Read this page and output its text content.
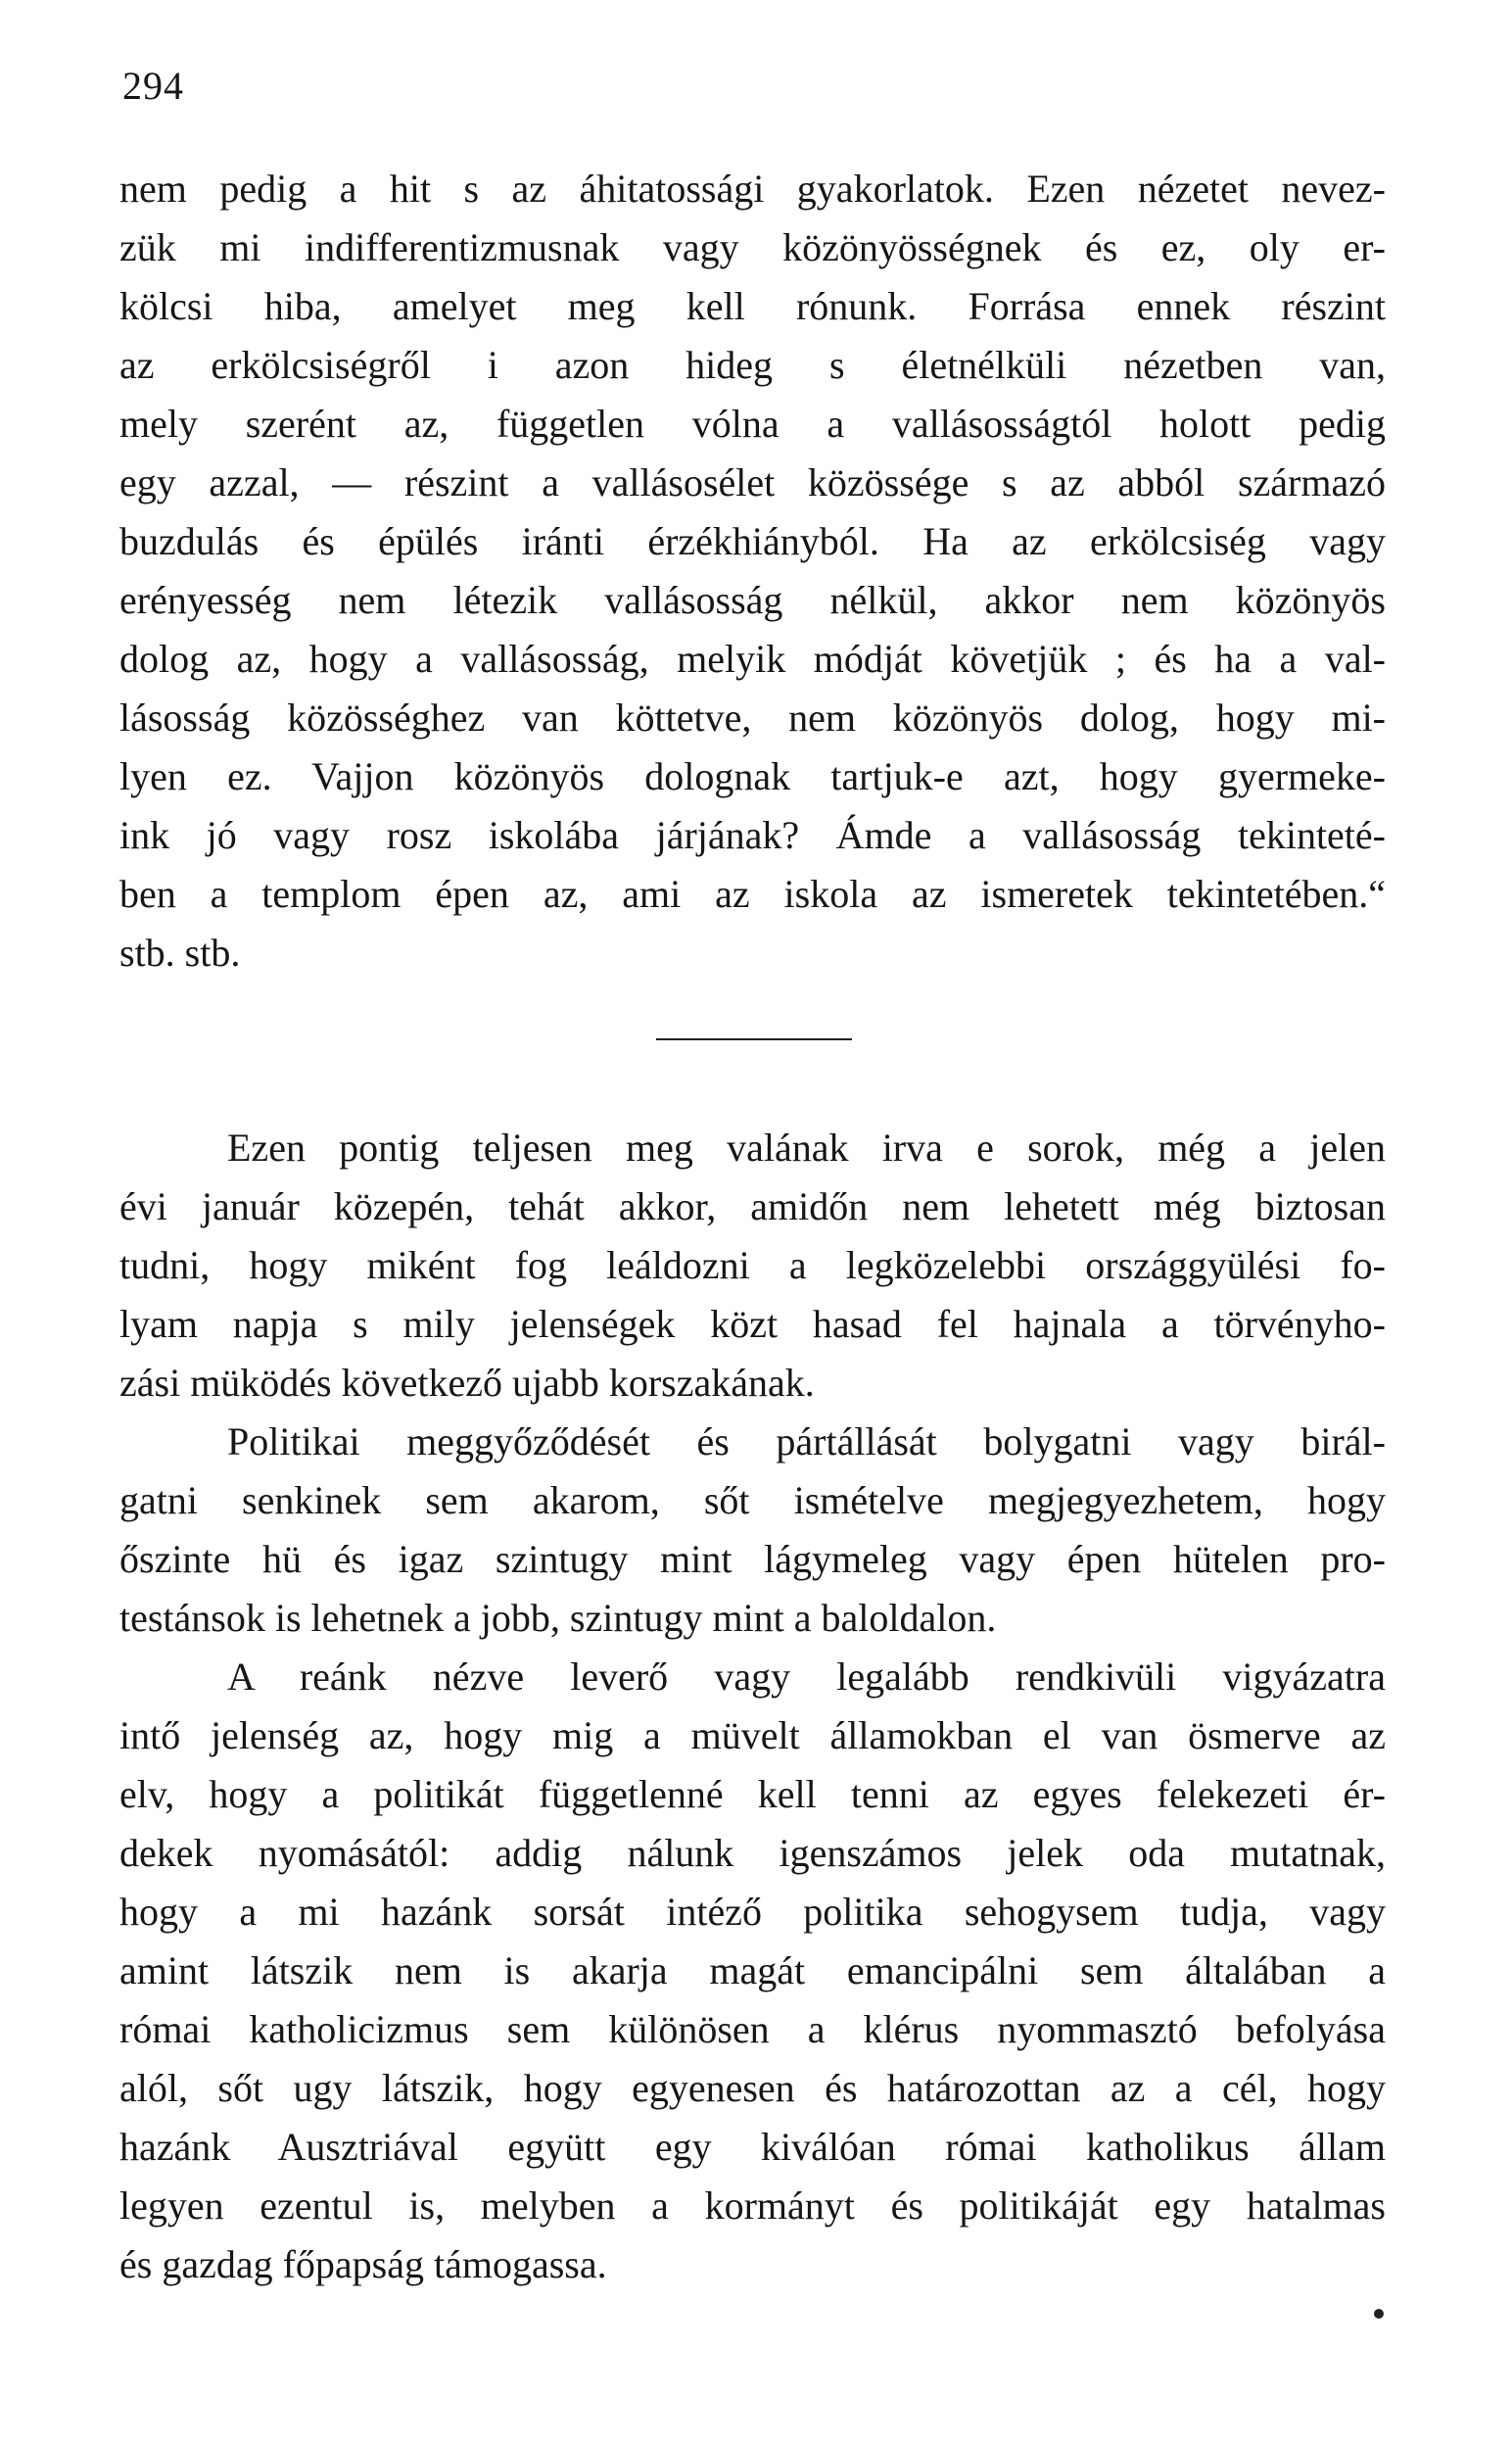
294
nem pedig a hit s az áhitatossági gyakorlatok. Ezen nézetet nevez-
zük mi indifferentizmusnak vagy közönyösségnek és ez, oly er-
kölcsi hiba, amelyet meg kell rónunk. Forrása ennek részint
az erkölcsiségről i azon hideg s életnélküli nézetben van,
mely szerént az, független vólna a vallásosságtól holott pedig
egy azzal, — részint a vallásosélet közössége s az abból származó
buzdulás és épülés iránti érzékhiányból. Ha az erkölcsiség vagy
erényesség nem létezik vallásosság nélkül, akkor nem közönyös
dolog az, hogy a vallásosság, melyik módját követjük ; és ha a val-
lásosság közösséghez van köttetve, nem közönyös dolog, hogy mi-
lyen ez. Vajjon közönyös dolognak tartjuk-e azt, hogy gyermeke-
ink jó vagy rosz iskolába járjának? Ámde a vallásosság tekinteté-
ben a templom épen az, ami az iskola az ismeretek tekintetében.“
stb. stb.
Ezen pontig teljesen meg valának irva e sorok, még a jelen
évi január közepén, tehát akkor, amidőn nem lehetett még biztosan
tudni, hogy miként fog leáldozni a legközelebbi országgyülési fo-
lyam napja s mily jelenségek közt hasad fel hajnala a törvényho-
zási müködés következő ujabb korszakának.
Politikai meggyőződését és pártállását bolygatni vagy birál-
gatni senkinek sem akarom, sőt ismételve megjegyezhetem, hogy
őszinte hü és igaz szintugy mint lágymeleg vagy épen hütelen pro-
testánsok is lehetnek a jobb, szintugy mint a baloldalon.
A reánk nézve leverő vagy legalább rendkivüli vigyázatra
intő jelenség az, hogy mig a müvelt államokban el van ösmerve az
elv, hogy a politikát függetlenné kell tenni az egyes felekezeti ér-
dekek nyomásától: addig nálunk igenszámos jelek oda mutatnak,
hogy a mi hazánk sorsát intéző politika sehogysem tudja, vagy
amint látszik nem is akarja magát emancipálni sem általában a
római katholicizmus sem különösen a klérus nyommasztó befolyása
alól, sőt ugy látszik, hogy egyenesen és határozottan az a cél, hogy
hazánk Ausztriával együtt egy kiválóan római katholikus állam
legyen ezentul is, melyben a kormányt és politikáját egy hatalmas
és gazdag főpapság támogassa.
